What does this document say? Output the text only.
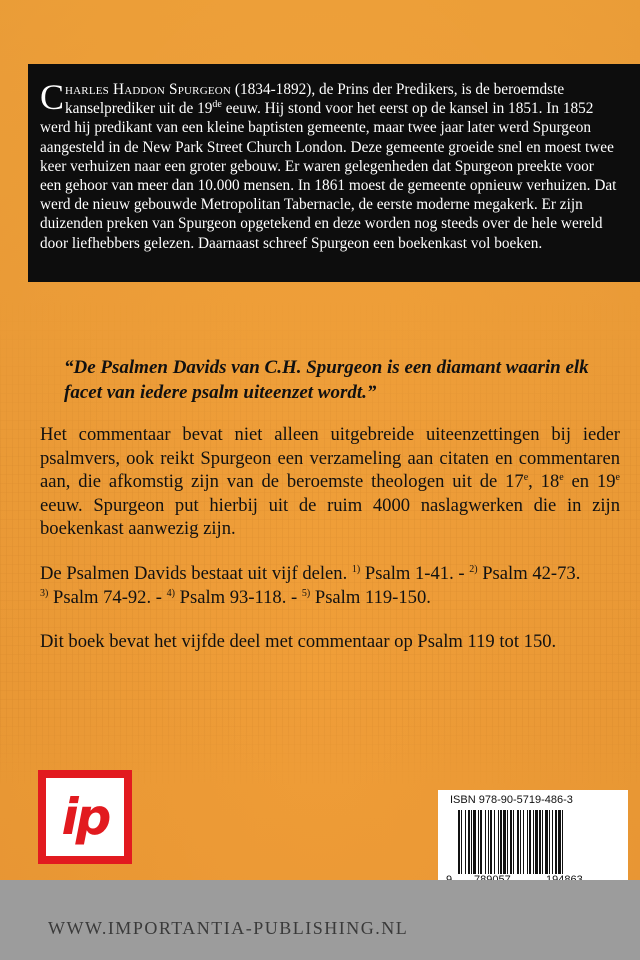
Charles Haddon Spurgeon (1834-1892), de Prins der Predikers, is de beroemdste kanselprediker uit de 19de eeuw. Hij stond voor het eerst op de kansel in 1851. In 1852 werd hij predikant van een kleine baptisten gemeente, maar twee jaar later werd Spurgeon aangesteld in de New Park Street Church London. Deze gemeente groeide snel en moest twee keer verhuizen naar een groter gebouw. Er waren gelegenheden dat Spurgeon preekte voor een gehoor van meer dan 10.000 mensen. In 1861 moest de gemeente opnieuw verhuizen. Dat werd de nieuw gebouwde Metropolitan Tabernacle, de eerste moderne megakerk. Er zijn duizenden preken van Spurgeon opgetekend en deze worden nog steeds over de hele wereld door liefhebbers gelezen. Daarnaast schreef Spurgeon een boekenkast vol boeken.
“De Psalmen Davids van C.H. Spurgeon is een diamant waarin elk facet van iedere psalm uiteenzet wordt.”
Het commentaar bevat niet alleen uitgebreide uiteenzettingen bij ieder psalmvers, ook reikt Spurgeon een verzameling aan citaten en commentaren aan, die afkomstig zijn van de beroemste theologen uit de 17e, 18e en 19e eeuw. Spurgeon put hierbij uit de ruim 4000 naslagwerken die in zijn boekenkast aanwezig zijn.
De Psalmen Davids bestaat uit vijf delen. $^{1)}$ Psalm 1-41. - $^{2)}$ Psalm 42-73.
$^{3)}$ Psalm 74-92. - $^{4)}$ Psalm 93-118. - $^{5)}$ Psalm 119-150.
Dit boek bevat het vijfde deel met commentaar op Psalm 119 tot 150.
ip	ISBN 978-90-5719-486-3
WWW.IMPORTANTIA-PUBLISHING.NL
